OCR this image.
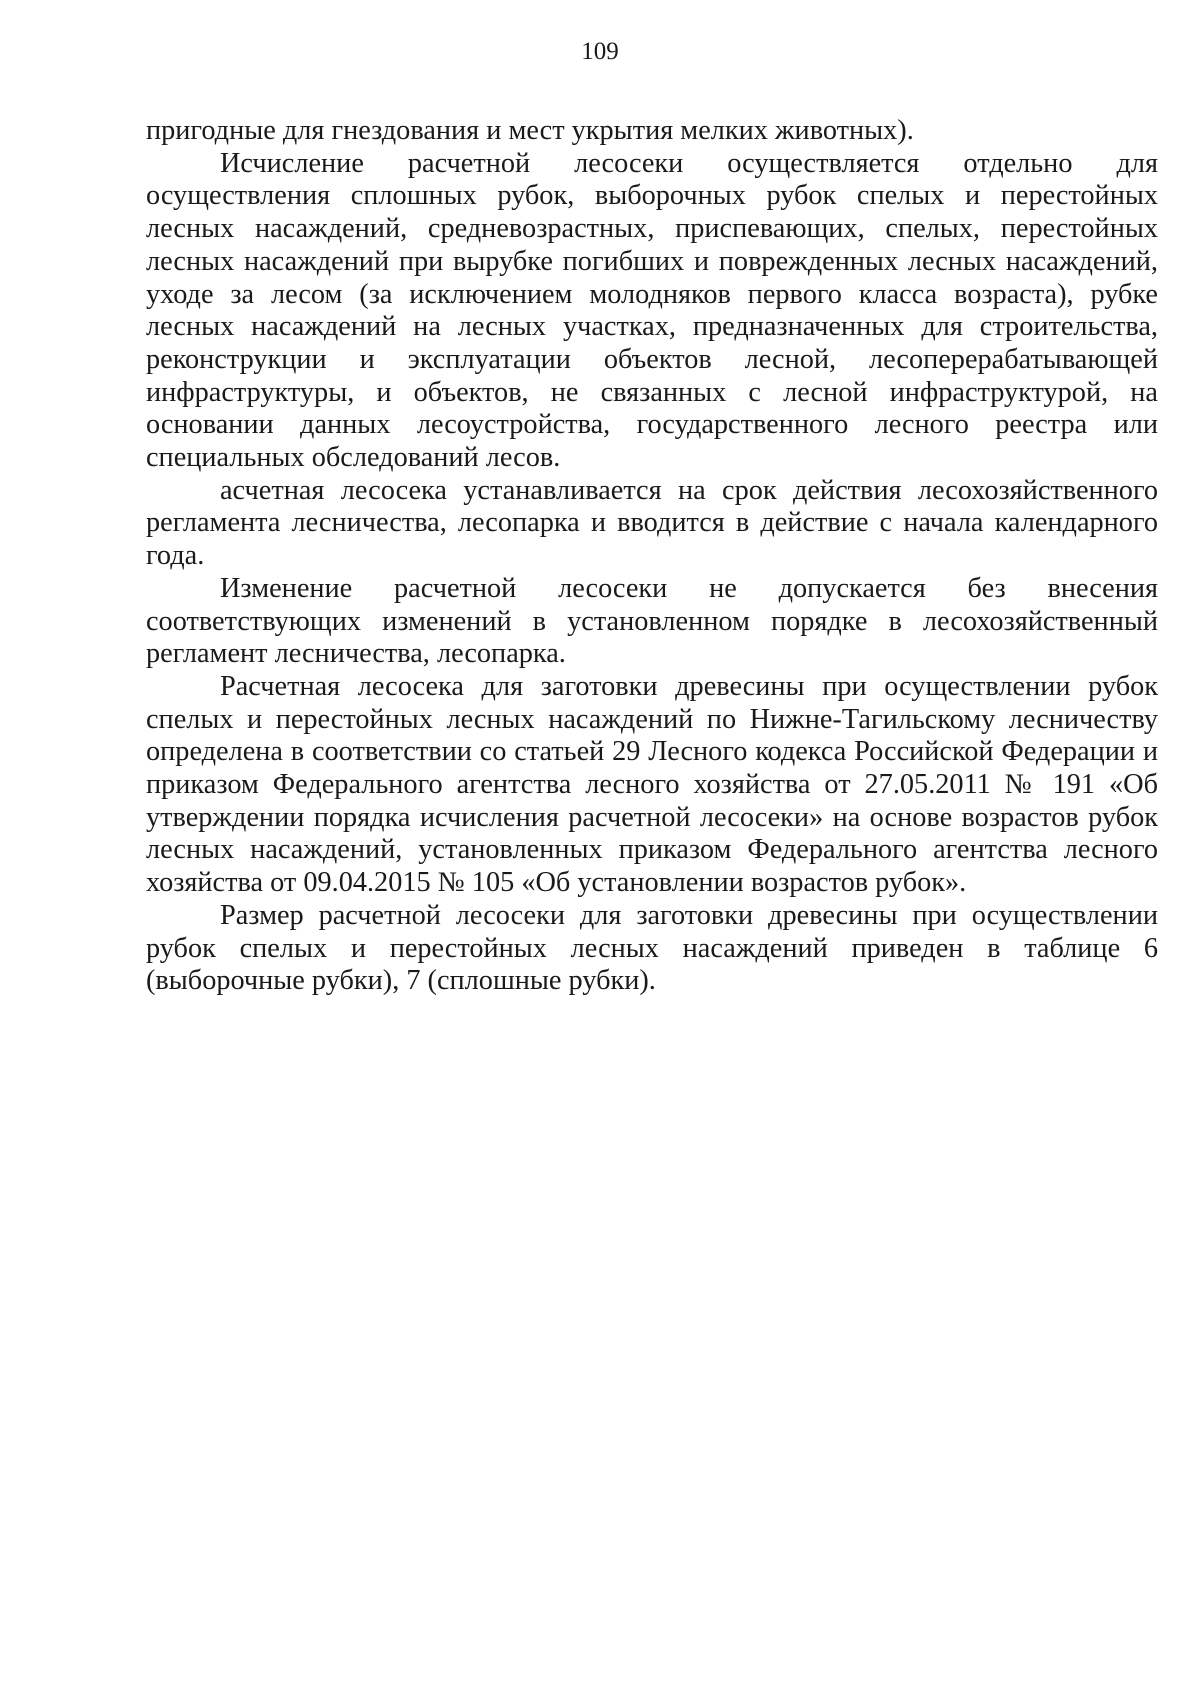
109

пригодные для гнездования и мест укрытия мелких животных).

Исчисление расчетной лесосеки осуществляется отдельно для осуществления сплошных рубок, выборочных рубок спелых и перестойных лесных насаждений, средневозрастных, приспевающих, спелых, перестойных лесных насаждений при вырубке погибших и поврежденных лесных насаждений, уходе за лесом (за исключением молодняков первого класса возраста), рубке лесных насаждений на лесных участках, предназначенных для строительства, реконструкции и эксплуатации объектов лесной, лесоперерабатывающей инфраструктуры, и объектов, не связанных с лесной инфраструктурой, на основании данных лесоустройства, государственного лесного реестра или специальных обследований лесов.

асчетная лесосека устанавливается на срок действия лесохозяйственного регламента лесничества, лесопарка и вводится в действие с начала календарного года.

Изменение расчетной лесосеки не допускается без внесения соответствующих изменений в установленном порядке в лесохозяйственный регламент лесничества, лесопарка.

Расчетная лесосека для заготовки древесины при осуществлении рубок спелых и перестойных лесных насаждений по Нижне-Тагильскому лесничеству определена в соответствии со статьей 29 Лесного кодекса Российской Федерации и приказом Федерального агентства лесного хозяйства от 27.05.2011 № 191 «Об утверждении порядка исчисления расчетной лесосеки» на основе возрастов рубок лесных насаждений, установленных приказом Федерального агентства лесного хозяйства от 09.04.2015 № 105 «Об установлении возрастов рубок».

Размер расчетной лесосеки для заготовки древесины при осуществлении рубок спелых и перестойных лесных насаждений приведен в таблице 6 (выборочные рубки), 7 (сплошные рубки).
